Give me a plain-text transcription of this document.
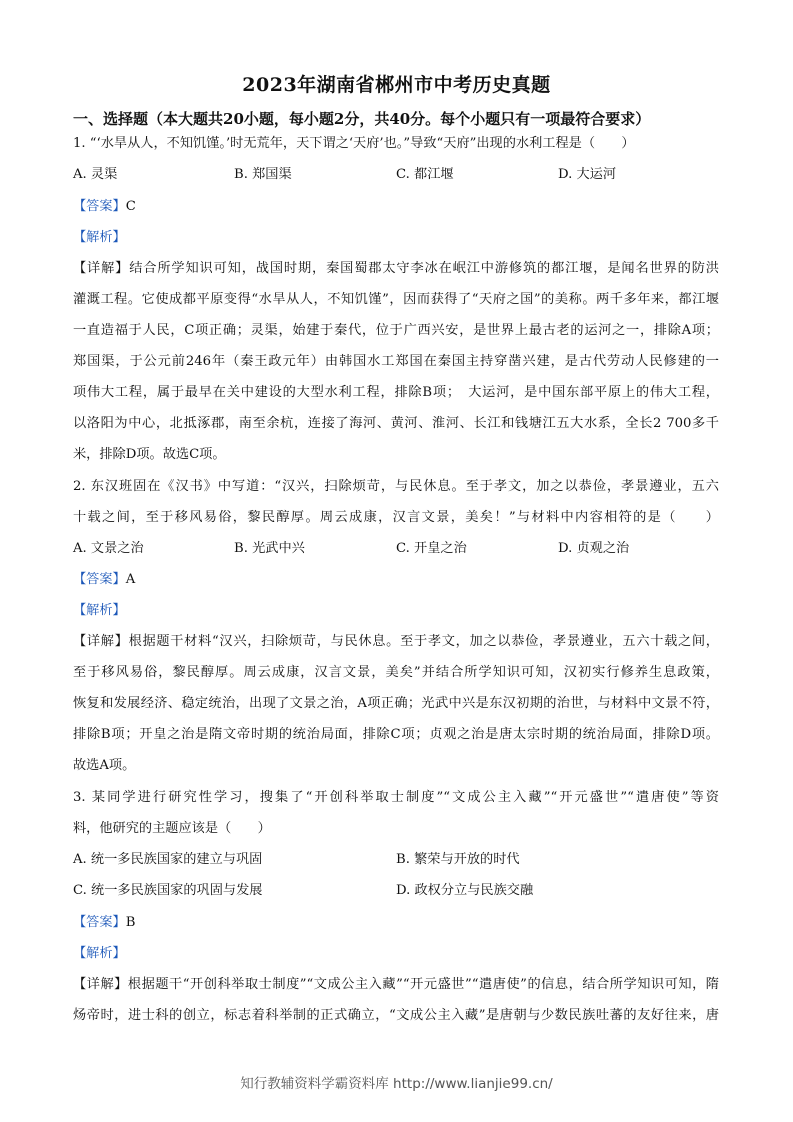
2023年湖南省郴州市中考历史真题
一、选择题（本大题共20小题，每小题2分，共40分。每个小题只有一项最符合要求）
1. “‘水旱从人，不知饥馑。’时无荒年，天下谓之‘天府’也。”导致“天府”出现的水利工程是（　　）
A. 灵渠	B. 郑国渠	C. 都江堰	D. 大运河
【答案】C
【解析】
【详解】结合所学知识可知，战国时期，秦国蜀郡太守李冰在岷江中游修筑的都江堰，是闻名世界的防洪
灌溉工程。它使成都平原变得“水旱从人，不知饥馑”，因而获得了“天府之国”的美称。两千多年来，都江堰
一直造福于人民，C项正确；灵渠，始建于秦代，位于广西兴安，是世界上最古老的运河之一，排除A项；
郑国渠，于公元前246年（秦王政元年）由韩国水工郑国在秦国主持穿凿兴建，是古代劳动人民修建的一
项伟大工程，属于最早在关中建设的大型水利工程，排除B项；　大运河，是中国东部平原上的伟大工程，
以洛阳为中心，北抵涿郡，南至余杭，连接了海河、黄河、淮河、长江和钱塘江五大水系，全长2 700多千
米，排除D项。故选C项。
2. 东汉班固在《汉书》中写道：“汉兴，扫除烦苛，与民休息。至于孝文，加之以恭俭，孝景遵业，五六
十载之间，至于移风易俗，黎民醇厚。周云成康，汉言文景，美矣！”与材料中内容相符的是（　　）
A. 文景之治	B. 光武中兴	C. 开皇之治	D. 贞观之治
【答案】A
【解析】
【详解】根据题干材料“汉兴，扫除烦苛，与民休息。至于孝文，加之以恭俭，孝景遵业，五六十载之间，
至于移风易俗，黎民醇厚。周云成康，汉言文景，美矣”并结合所学知识可知，汉初实行修养生息政策，
恢复和发展经济、稳定统治，出现了文景之治，A项正确；光武中兴是东汉初期的治世，与材料中文景不符，
排除B项；开皇之治是隋文帝时期的统治局面，排除C项；贞观之治是唐太宗时期的统治局面，排除D项。
故选A项。
3. 某同学进行研究性学习，搜集了“开创科举取士制度”“文成公主入藏”“开元盛世”“遣唐使”等资
料，他研究的主题应该是（　　）
A. 统一多民族国家的建立与巩固	B. 繁荣与开放的时代
C. 统一多民族国家的巩固与发展	D. 政权分立与民族交融
【答案】B
【解析】
【详解】根据题干“开创科举取士制度”“文成公主入藏”“开元盛世”“遣唐使”的信息，结合所学知识可知，隋
炀帝时，进士科的创立，标志着科举制的正式确立，“文成公主入藏”是唐朝与少数民族吐蕃的友好往来，唐
知行教辅资料学霸资料库 http://www.lianjie99.cn/
